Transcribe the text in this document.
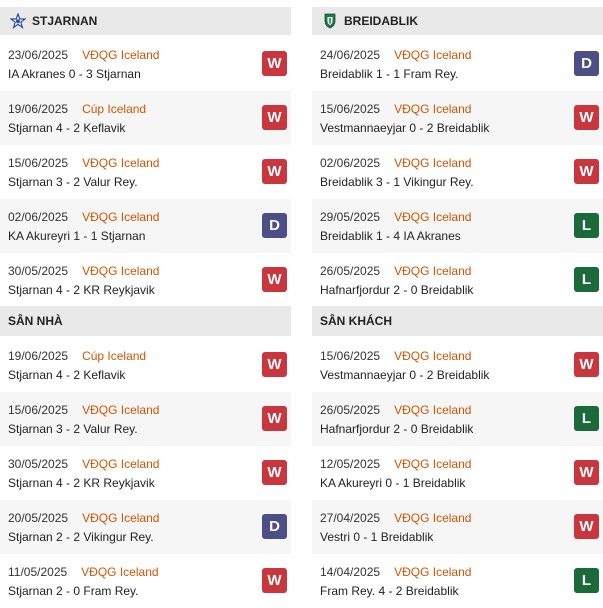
STJARNAN
23/06/2025 VĐQG Iceland
IA Akranes 0 - 3 Stjarnan
W
19/06/2025 Cúp Iceland
Stjarnan 4 - 2 Keflavik
W
15/06/2025 VĐQG Iceland
Stjarnan 3 - 2 Valur Rey.
W
02/06/2025 VĐQG Iceland
KA Akureyri 1 - 1 Stjarnan
D
30/05/2025 VĐQG Iceland
Stjarnan 4 - 2 KR Reykjavik
W
BREIDABLIK
24/06/2025 VĐQG Iceland
Breidablik 1 - 1 Fram Rey.
D
15/06/2025 VĐQG Iceland
Vestmannaeyjar 0 - 2 Breidablik
W
02/06/2025 VĐQG Iceland
Breidablik 3 - 1 Vikingur Rey.
W
29/05/2025 VĐQG Iceland
Breidablik 1 - 4 IA Akranes
L
26/05/2025 VĐQG Iceland
Hafnarfjordur 2 - 0 Breidablik
L
SÂN NHÀ
19/06/2025 Cúp Iceland
Stjarnan 4 - 2 Keflavik
W
15/06/2025 VĐQG Iceland
Stjarnan 3 - 2 Valur Rey.
W
30/05/2025 VĐQG Iceland
Stjarnan 4 - 2 KR Reykjavik
W
20/05/2025 VĐQG Iceland
Stjarnan 2 - 2 Vikingur Rey.
D
11/05/2025 VĐQG Iceland
Stjarnan 2 - 0 Fram Rey.
W
SÂN KHÁCH
15/06/2025 VĐQG Iceland
Vestmannaeyjar 0 - 2 Breidablik
W
26/05/2025 VĐQG Iceland
Hafnarfjordur 2 - 0 Breidablik
L
12/05/2025 VĐQG Iceland
KA Akureyri 0 - 1 Breidablik
W
27/04/2025 VĐQG Iceland
Vestri 0 - 1 Breidablik
W
14/04/2025 VĐQG Iceland
Fram Rey. 4 - 2 Breidablik
L
